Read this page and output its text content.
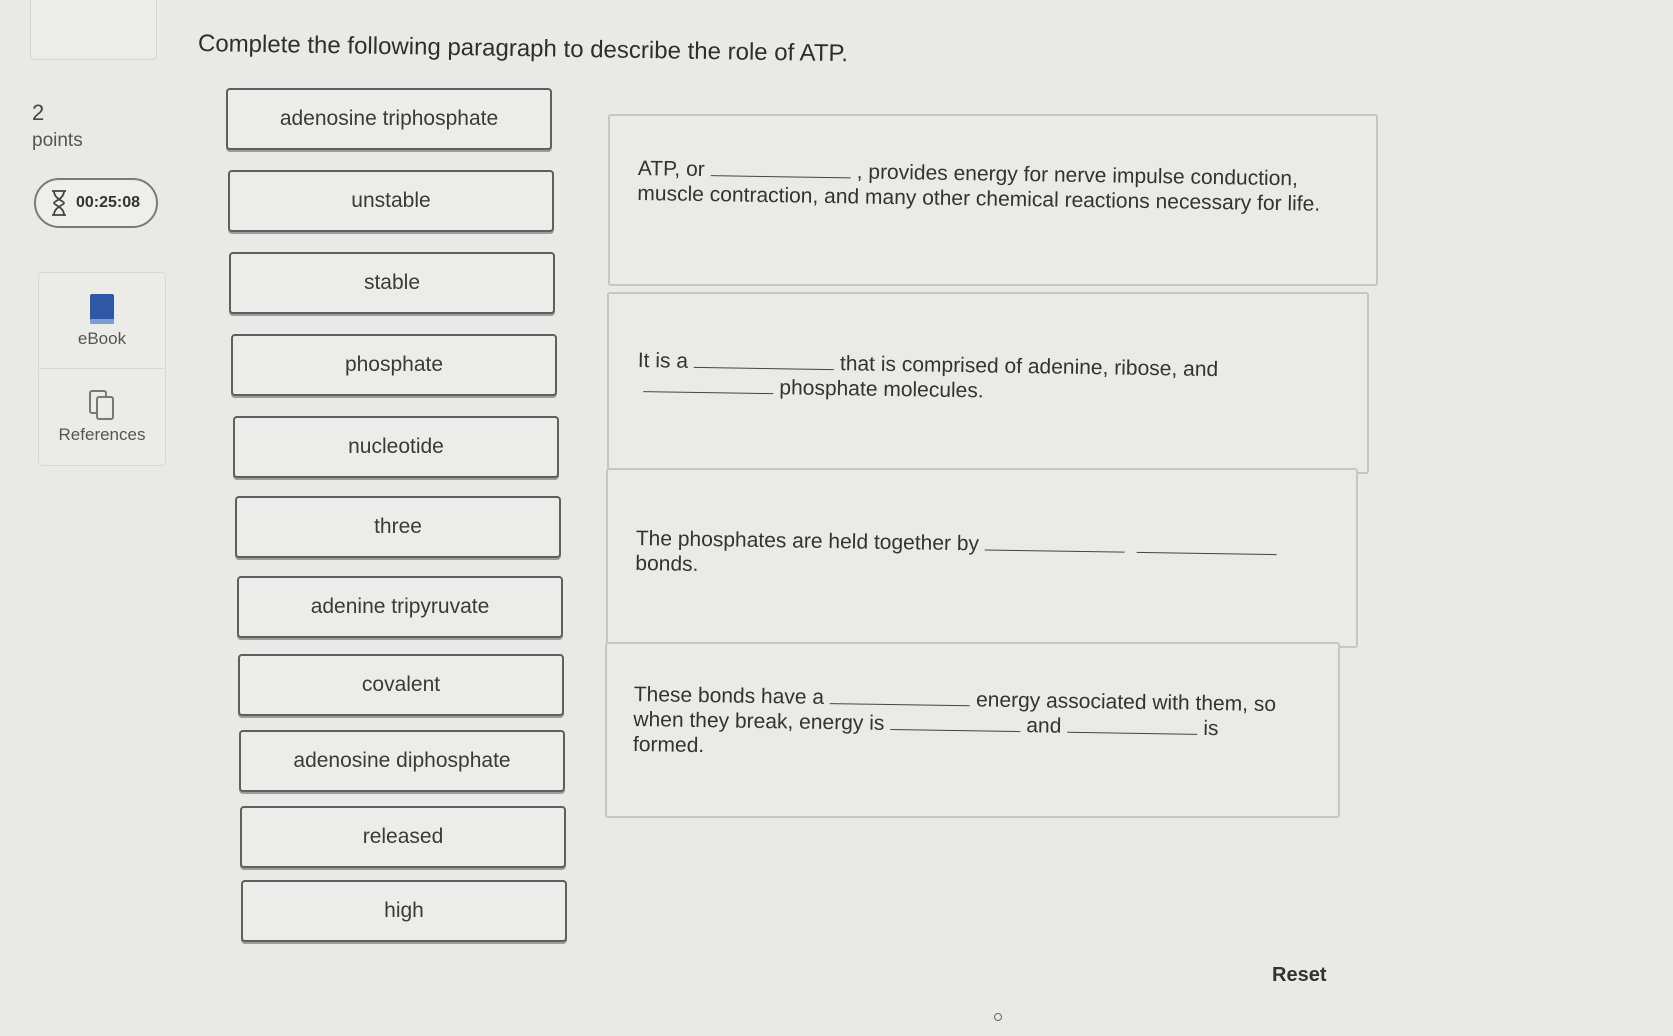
2
points
00:25:08
eBook
References
Complete the following paragraph to describe the role of ATP.
adenosine triphosphate
unstable
stable
phosphate
nucleotide
three
adenine tripyruvate
covalent
adenosine diphosphate
released
high
ATP, or	, provides energy for nerve impulse conduction, muscle contraction, and many other chemical reactions necessary for life.
It is a	that is comprised of adenine, ribose, and phosphate molecules.
The phosphates are held together by bonds.
These bonds have a	energy associated with them, so when they break, energy is	and	is formed.
Reset
